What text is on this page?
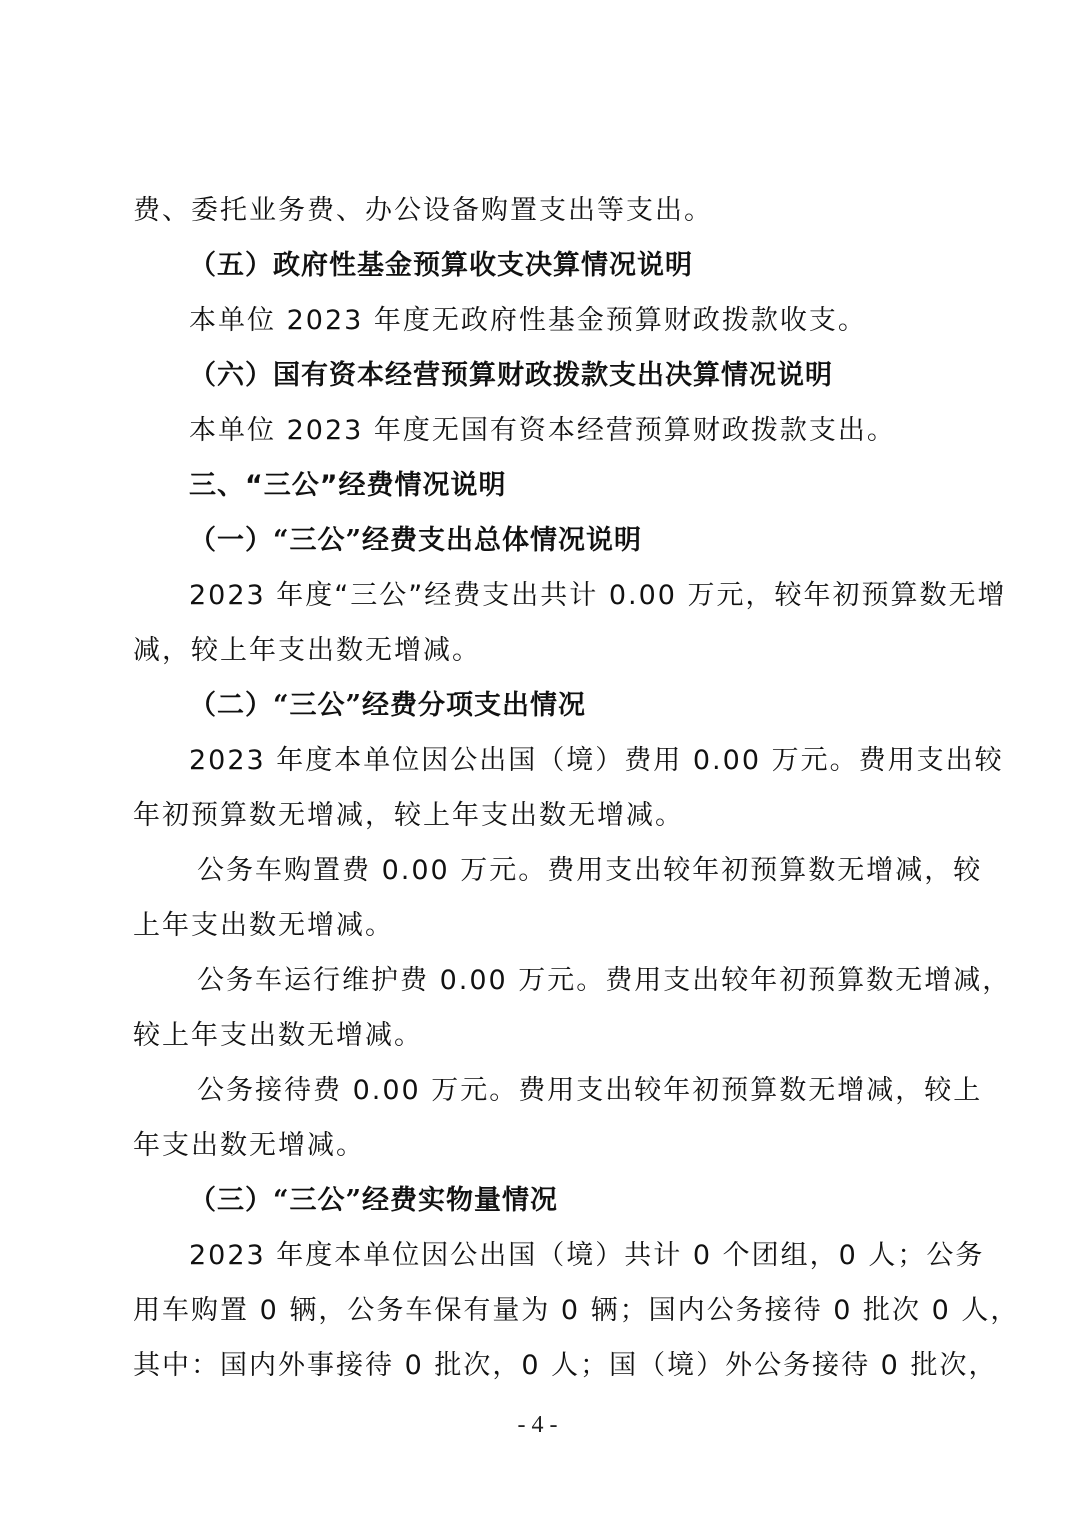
费、委托业务费、办公设备购置支出等支出。
（五）政府性基金预算收支决算情况说明
本单位 2023 年度无政府性基金预算财政拨款收支。
（六）国有资本经营预算财政拨款支出决算情况说明
本单位 2023 年度无国有资本经营预算财政拨款支出。
三、“三公”经费情况说明
（一）“三公”经费支出总体情况说明
2023 年度“三公”经费支出共计 0.00 万元，较年初预算数无增
减，较上年支出数无增减。
（二）“三公”经费分项支出情况
2023 年度本单位因公出国（境）费用 0.00 万元。费用支出较
年初预算数无增减，较上年支出数无增减。
公务车购置费 0.00 万元。费用支出较年初预算数无增减，较
上年支出数无增减。
公务车运行维护费 0.00 万元。费用支出较年初预算数无增减，
较上年支出数无增减。
公务接待费 0.00 万元。费用支出较年初预算数无增减，较上
年支出数无增减。
（三）“三公”经费实物量情况
2023 年度本单位因公出国（境）共计 0 个团组，0 人；公务
用车购置 0 辆，公务车保有量为 0 辆；国内公务接待 0 批次 0 人，
其中：国内外事接待 0 批次，0 人；国（境）外公务接待 0 批次，
- 4 -
